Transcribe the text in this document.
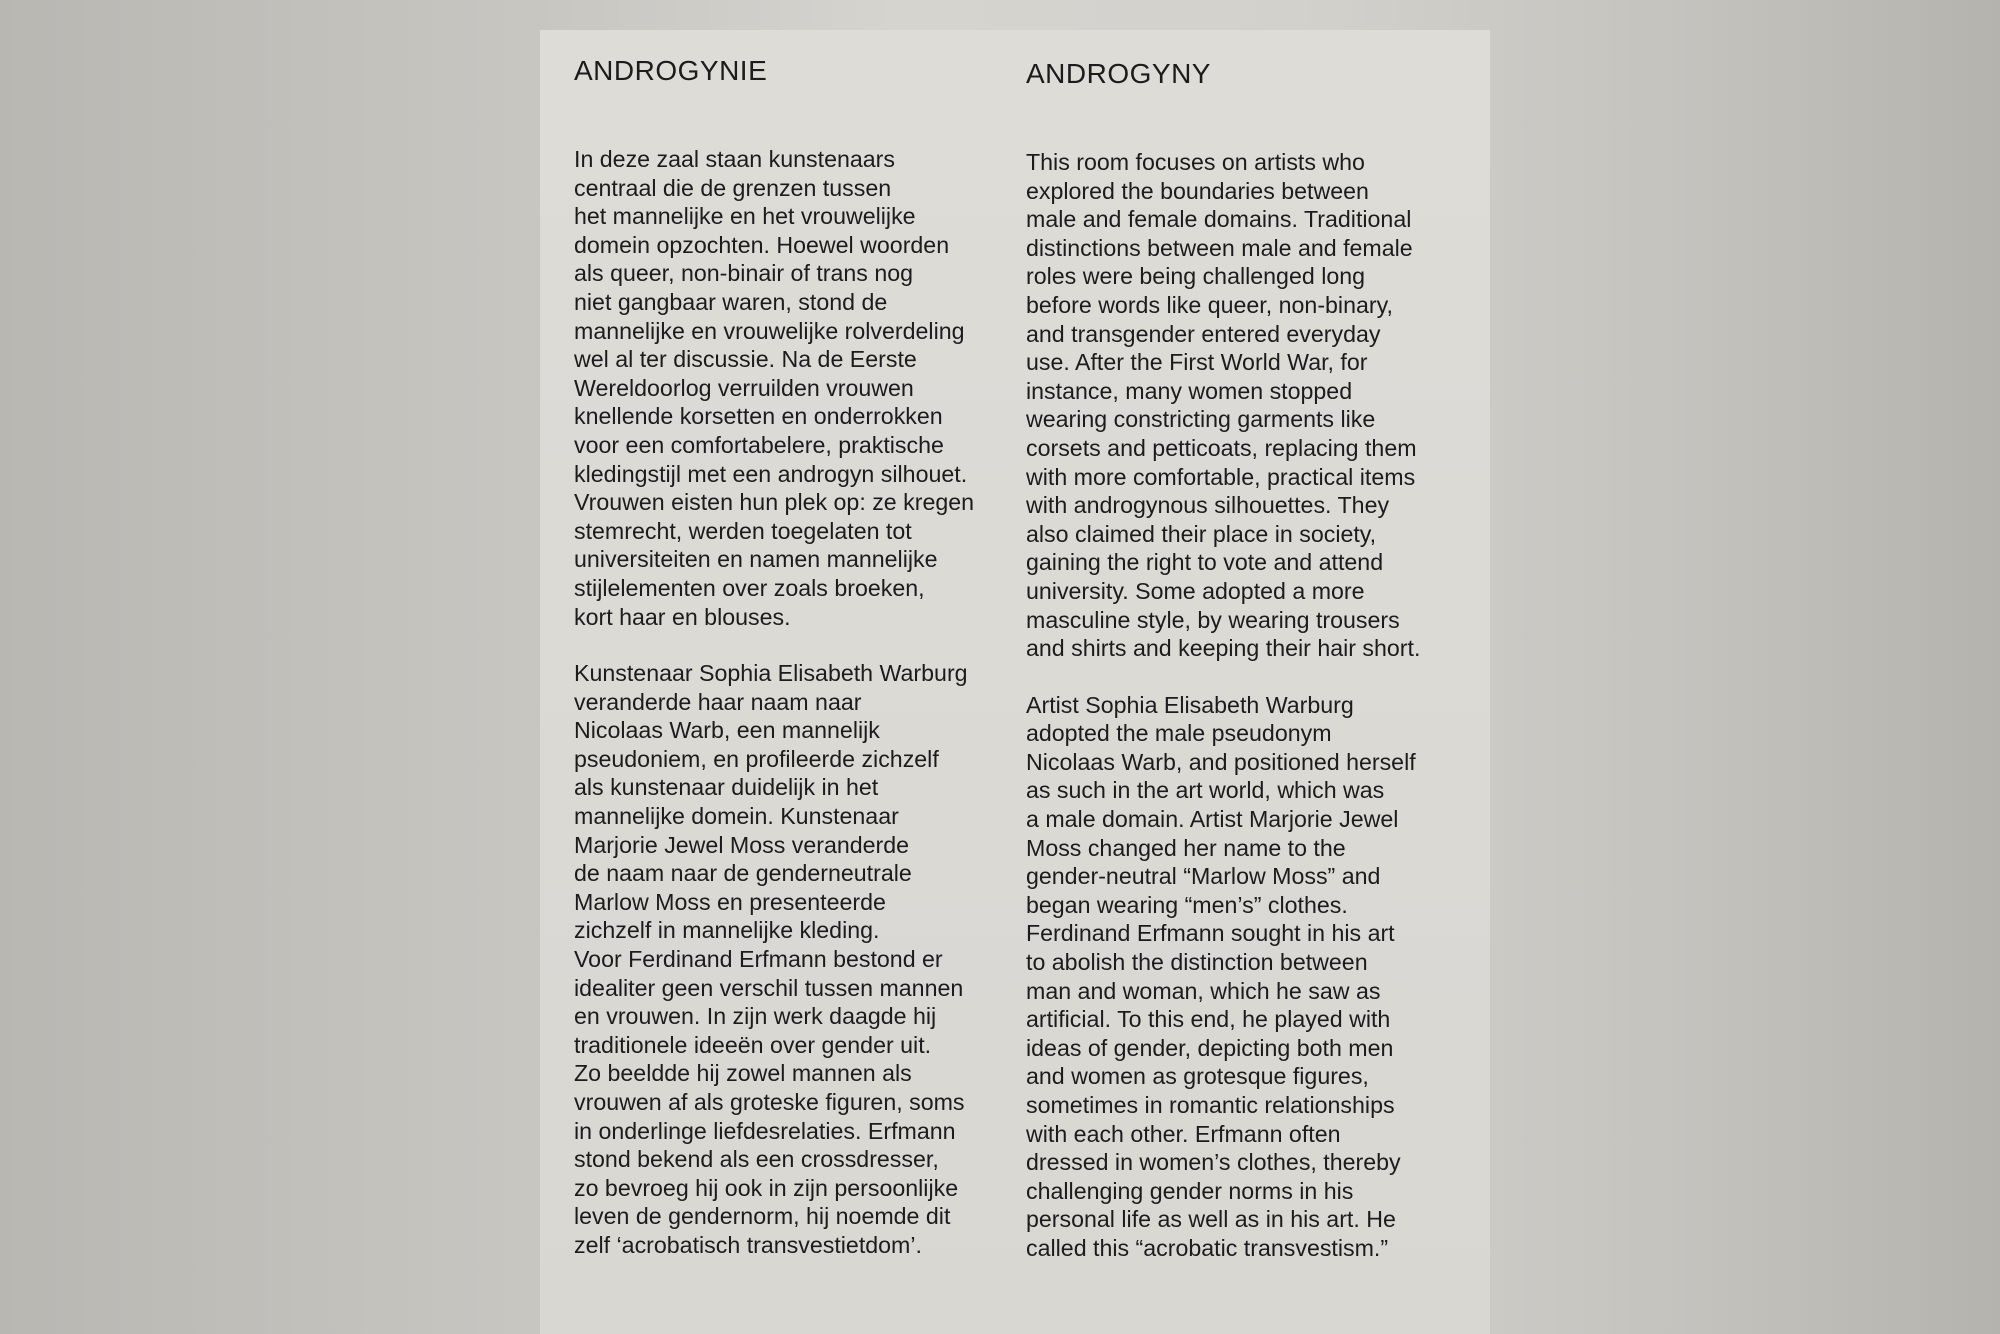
ANDROGYNIE

In deze zaal staan kunstenaars
centraal die de grenzen tussen
het mannelijke en het vrouwelijke
domein opzochten. Hoewel woorden
als queer, non-binair of trans nog
niet gangbaar waren, stond de
mannelijke en vrouwelijke rolverdeling
wel al ter discussie. Na de Eerste
Wereldoorlog verruilden vrouwen
knellende korsetten en onderrokken
voor een comfortabelere, praktische
kledingstijl met een androgyn silhouet.
Vrouwen eisten hun plek op: ze kregen
stemrecht, werden toegelaten tot
universiteiten en namen mannelijke
stijlelementen over zoals broeken,
kort haar en blouses.

Kunstenaar Sophia Elisabeth Warburg
veranderde haar naam naar
Nicolaas Warb, een mannelijk
pseudoniem, en profileerde zichzelf
als kunstenaar duidelijk in het
mannelijke domein. Kunstenaar
Marjorie Jewel Moss veranderde
de naam naar de genderneutrale
Marlow Moss en presenteerde
zichzelf in mannelijke kleding.
Voor Ferdinand Erfmann bestond er
idealiter geen verschil tussen mannen
en vrouwen. In zijn werk daagde hij
traditionele ideeën over gender uit.
Zo beeldde hij zowel mannen als
vrouwen af als groteske figuren, soms
in onderlinge liefdesrelaties. Erfmann
stond bekend als een crossdresser,
zo bevroeg hij ook in zijn persoonlijke
leven de gendernorm, hij noemde dit
zelf ‘acrobatisch transvestietdom’.

ANDROGYNY

This room focuses on artists who
explored the boundaries between
male and female domains. Traditional
distinctions between male and female
roles were being challenged long
before words like queer, non-binary,
and transgender entered everyday
use. After the First World War, for
instance, many women stopped
wearing constricting garments like
corsets and petticoats, replacing them
with more comfortable, practical items
with androgynous silhouettes. They
also claimed their place in society,
gaining the right to vote and attend
university. Some adopted a more
masculine style, by wearing trousers
and shirts and keeping their hair short.

Artist Sophia Elisabeth Warburg
adopted the male pseudonym
Nicolaas Warb, and positioned herself
as such in the art world, which was
a male domain. Artist Marjorie Jewel
Moss changed her name to the
gender-neutral “Marlow Moss” and
began wearing “men’s” clothes.
Ferdinand Erfmann sought in his art
to abolish the distinction between
man and woman, which he saw as
artificial. To this end, he played with
ideas of gender, depicting both men
and women as grotesque figures,
sometimes in romantic relationships
with each other. Erfmann often
dressed in women’s clothes, thereby
challenging gender norms in his
personal life as well as in his art. He
called this “acrobatic transvestism.”
